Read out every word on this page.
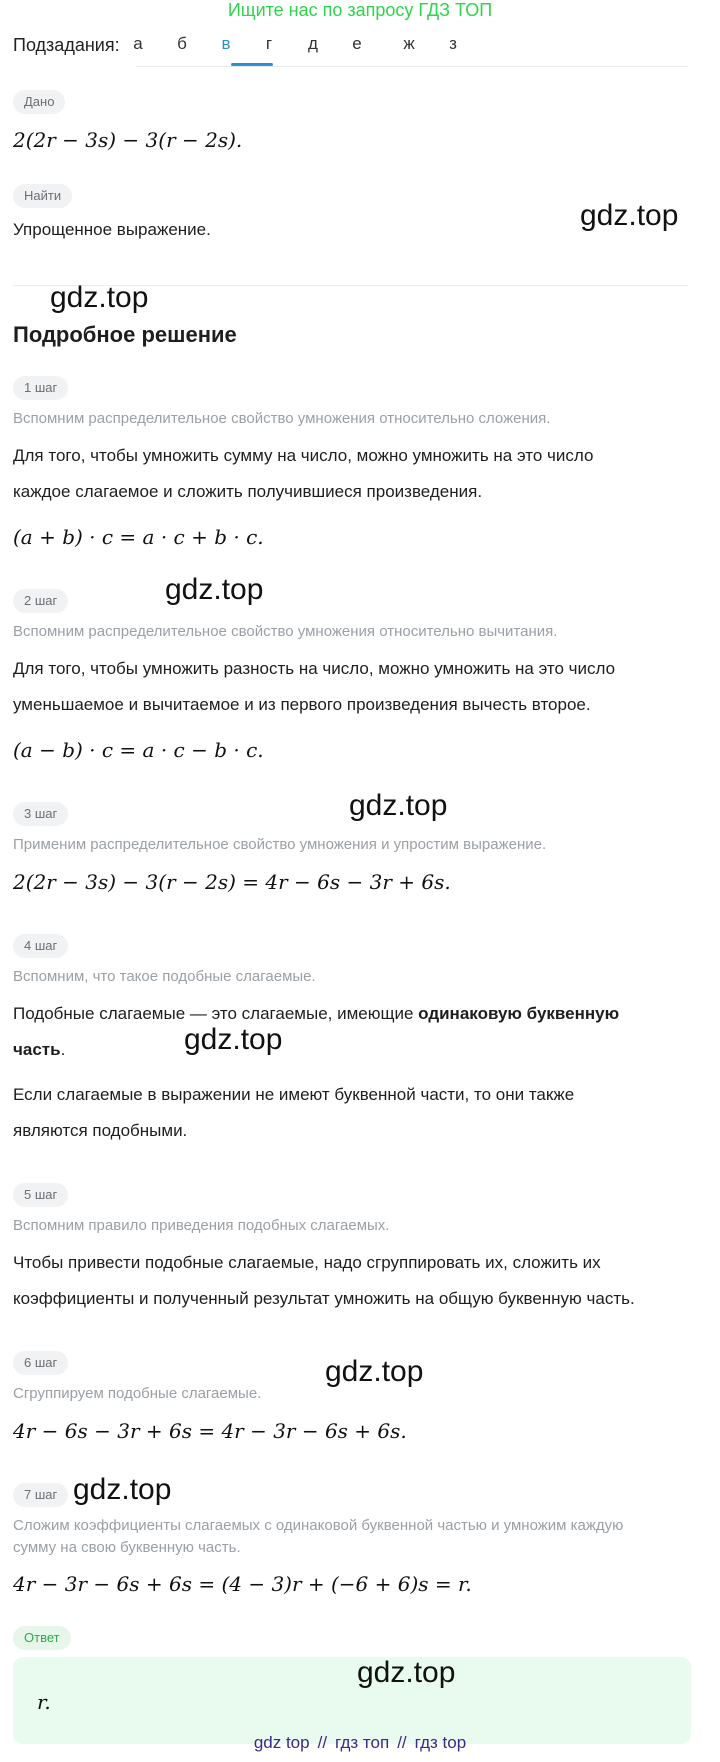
Ищите нас по запросу ГДЗ ТОП
Подзадания: а	б	в	г	д	е	ж	з
Дано
2(2r − 3s) − 3(r − 2s).
Найти
Упрощенное выражение.
Подробное решение
1 шаг
Вспомним распределительное свойство умножения относительно сложения.
Для того, чтобы умножить сумму на число, можно умножить на это число
каждое слагаемое и сложить получившиеся произведения.
(a + b) · c = a · c + b · c.
2 шаг
Вспомним распределительное свойство умножения относительно вычитания.
Для того, чтобы умножить разность на число, можно умножить на это число
уменьшаемое и вычитаемое и из первого произведения вычесть второе.
(a − b) · c = a · c − b · c.
3 шаг
Применим распределительное свойство умножения и упростим выражение.
2(2r − 3s) − 3(r − 2s) = 4r − 6s − 3r + 6s.
4 шаг
Вспомним, что такое подобные слагаемые.
Подобные слагаемые — это слагаемые, имеющие одинаковую буквенную
часть.
Если слагаемые в выражении не имеют буквенной части, то они также
являются подобными.
5 шаг
Вспомним правило приведения подобных слагаемых.
Чтобы привести подобные слагаемые, надо сгруппировать их, сложить их
коэффициенты и полученный результат умножить на общую буквенную часть.
6 шаг
Сгруппируем подобные слагаемые.
4r − 6s − 3r + 6s = 4r − 3r − 6s + 6s.
7 шаг
Сложим коэффициенты слагаемых с одинаковой буквенной частью и умножим каждую
сумму на свою буквенную часть.
4r − 3r − 6s + 6s = (4 − 3)r + (−6 + 6)s = r.
Ответ
r.
gdz.top
gdz.top
gdz.top
gdz.top
gdz.top
gdz.top
gdz.top
gdz.top
gdz top // гдз топ // гдз top
